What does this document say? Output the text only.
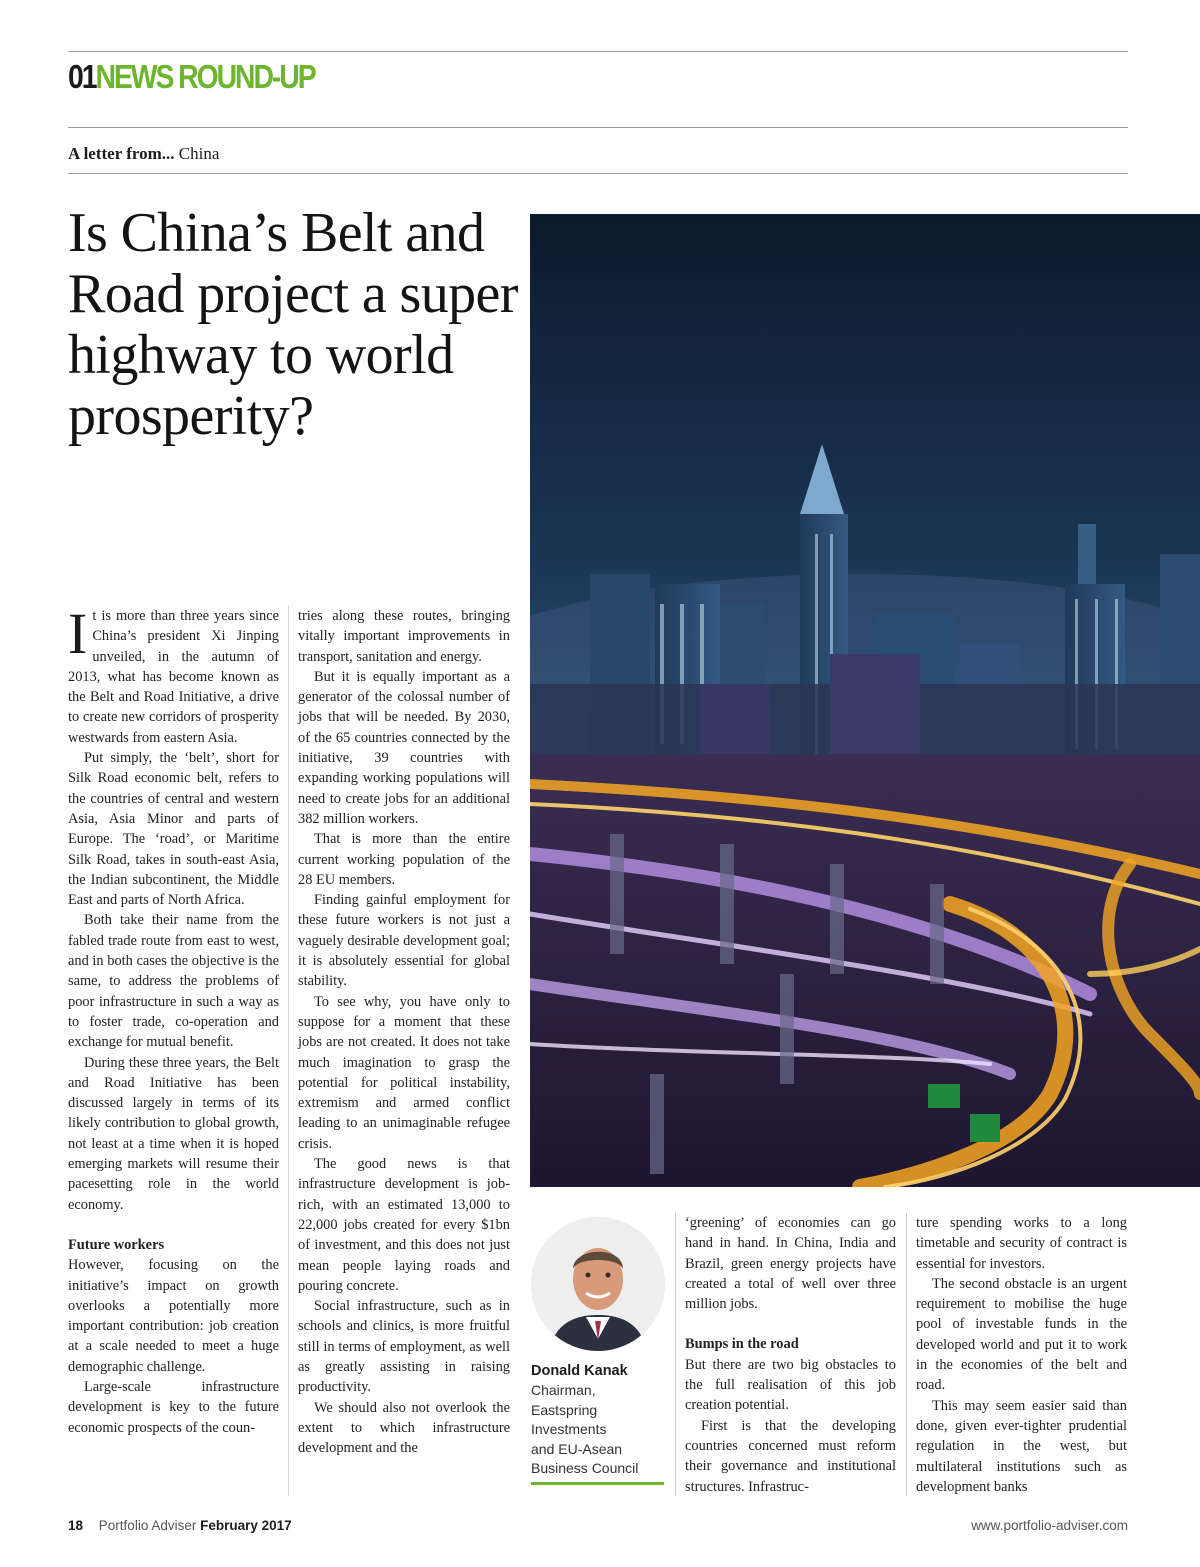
01NEWS ROUND-UP
A letter from... China
Is China’s Belt and Road project a super highway to world prosperity?
I t is more than three years since China’s president Xi Jinping unveiled, in the autumn of 2013, what has become known as the Belt and Road Initiative, a drive to create new corridors of prosperity westwards from eastern Asia.

Put simply, the ‘belt’, short for Silk Road economic belt, refers to the countries of central and western Asia, Asia Minor and parts of Europe. The ‘road’, or Maritime Silk Road, takes in south-east Asia, the Indian subcontinent, the Middle East and parts of North Africa.

Both take their name from the fabled trade route from east to west, and in both cases the objective is the same, to address the problems of poor infrastructure in such a way as to foster trade, co-operation and exchange for mutual benefit.

During these three years, the Belt and Road Initiative has been discussed largely in terms of its likely contribution to global growth, not least at a time when it is hoped emerging markets will resume their pacesetting role in the world economy.

Future workers

However, focusing on the initiative’s impact on growth overlooks a potentially more important contribution: job creation at a scale needed to meet a huge demographic challenge.

Large-scale infrastructure development is key to the future economic prospects of the coun-

tries along these routes, bringing vitally important improvements in transport, sanitation and energy.

But it is equally important as a generator of the colossal number of jobs that will be needed. By 2030, of the 65 countries connected by the initiative, 39 countries with expanding working populations will need to create jobs for an additional 382 million workers.

That is more than the entire current working population of the 28 EU members.

Finding gainful employment for these future workers is not just a vaguely desirable development goal; it is absolutely essential for global stability.

To see why, you have only to suppose for a moment that these jobs are not created. It does not take much imagination to grasp the potential for political instability, extremism and armed conflict leading to an unimaginable refugee crisis.

The good news is that infrastructure development is job-rich, with an estimated 13,000 to 22,000 jobs created for every $1bn of investment, and this does not just mean people laying roads and pouring concrete.

Social infrastructure, such as in schools and clinics, is more fruitful still in terms of employment, as well as greatly assisting in raising productivity.

We should also not overlook the extent to which infrastructure development and the

Donald Kanak
Chairman,
Eastspring
Investments
and EU-Asean
Business Council

‘greening’ of economies can go hand in hand. In China, India and Brazil, green energy projects have created a total of well over three million jobs.

Bumps in the road

But there are two big obstacles to the full realisation of this job creation potential.

First is that the developing countries concerned must reform their governance and institutional structures. Infrastruc-

ture spending works to a long timetable and security of contract is essential for investors.

The second obstacle is an urgent requirement to mobilise the huge pool of investable funds in the developed world and put it to work in the economies of the belt and road.

This may seem easier said than done, given ever-tighter prudential regulation in the west, but multilateral institutions such as development banks

18 Portfolio Adviser February 2017	www.portfolio-adviser.com
